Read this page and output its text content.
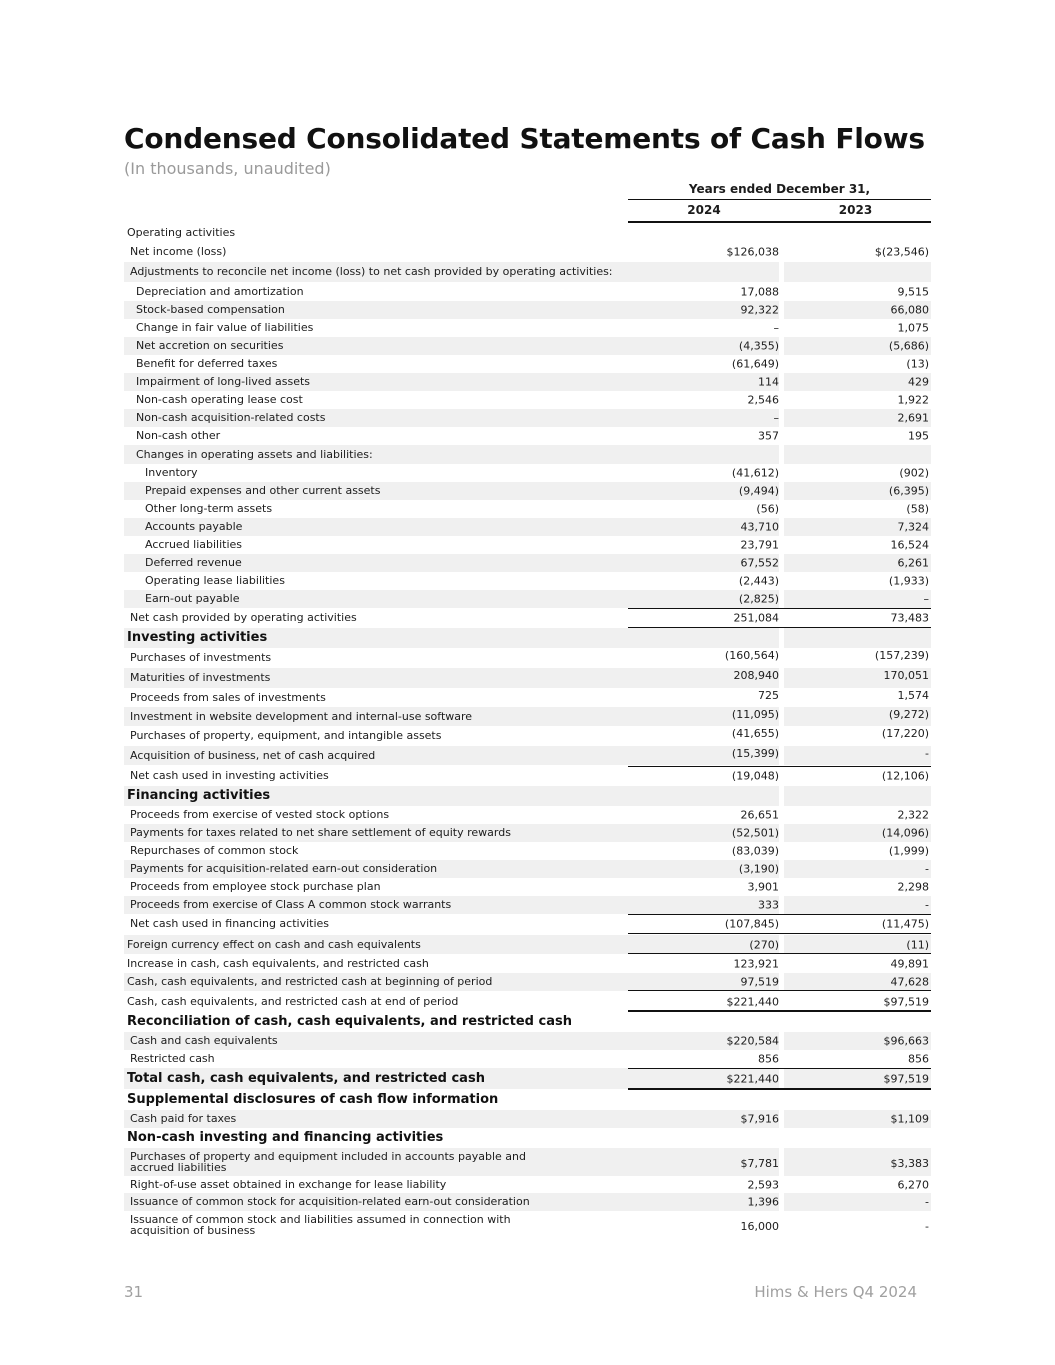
Condensed Consolidated Statements of Cash Flows
(In thousands, unaudited)
Years ended December 31,
2024	2023
Operating activities
Net income (loss)	$126,038	$(23,546)
Adjustments to reconcile net income (loss) to net cash provided by operating activities:
Depreciation and amortization	17,088	9,515
Stock-based compensation	92,322	66,080
Change in fair value of liabilities	–	1,075
Net accretion on securities	(4,355)	(5,686)
Benefit for deferred taxes	(61,649)	(13)
Impairment of long-lived assets	114	429
Non-cash operating lease cost	2,546	1,922
Non-cash acquisition-related costs	–	2,691
Non-cash other	357	195
Changes in operating assets and liabilities:
Inventory	(41,612)	(902)
Prepaid expenses and other current assets	(9,494)	(6,395)
Other long-term assets	(56)	(58)
Accounts payable	43,710	7,324
Accrued liabilities	23,791	16,524
Deferred revenue	67,552	6,261
Operating lease liabilities	(2,443)	(1,933)
Earn-out payable	(2,825)	–
Net cash provided by operating activities	251,084	73,483
Investing activities
Purchases of investments	(160,564)	(157,239)
Maturities of investments	208,940	170,051
Proceeds from sales of investments	725	1,574
Investment in website development and internal-use software	(11,095)	(9,272)
Purchases of property, equipment, and intangible assets	(41,655)	(17,220)
Acquisition of business, net of cash acquired	(15,399)	-
Net cash used in investing activities	(19,048)	(12,106)
Financing activities
Proceeds from exercise of vested stock options	26,651	2,322
Payments for taxes related to net share settlement of equity rewards	(52,501)	(14,096)
Repurchases of common stock	(83,039)	(1,999)
Payments for acquisition-related earn-out consideration	(3,190)	-
Proceeds from employee stock purchase plan	3,901	2,298
Proceeds from exercise of Class A common stock warrants	333	-
Net cash used in financing activities	(107,845)	(11,475)
Foreign currency effect on cash and cash equivalents	(270)	(11)
Increase in cash, cash equivalents, and restricted cash	123,921	49,891
Cash, cash equivalents, and restricted cash at beginning of period	97,519	47,628
Cash, cash equivalents, and restricted cash at end of period	$221,440	$97,519
Reconciliation of cash, cash equivalents, and restricted cash
Cash and cash equivalents	$220,584	$96,663
Restricted cash	856	856
Total cash, cash equivalents, and restricted cash	$221,440	$97,519
Supplemental disclosures of cash flow information
Cash paid for taxes	$7,916	$1,109
Non-cash investing and financing activities
Purchases of property and equipment included in accounts payable and accrued liabilities	$7,781	$3,383
Right-of-use asset obtained in exchange for lease liability	2,593	6,270
Issuance of common stock for acquisition-related earn-out consideration	1,396	-
Issuance of common stock and liabilities assumed in connection with acquisition of business	16,000	-
31	Hims & Hers Q4 2024
